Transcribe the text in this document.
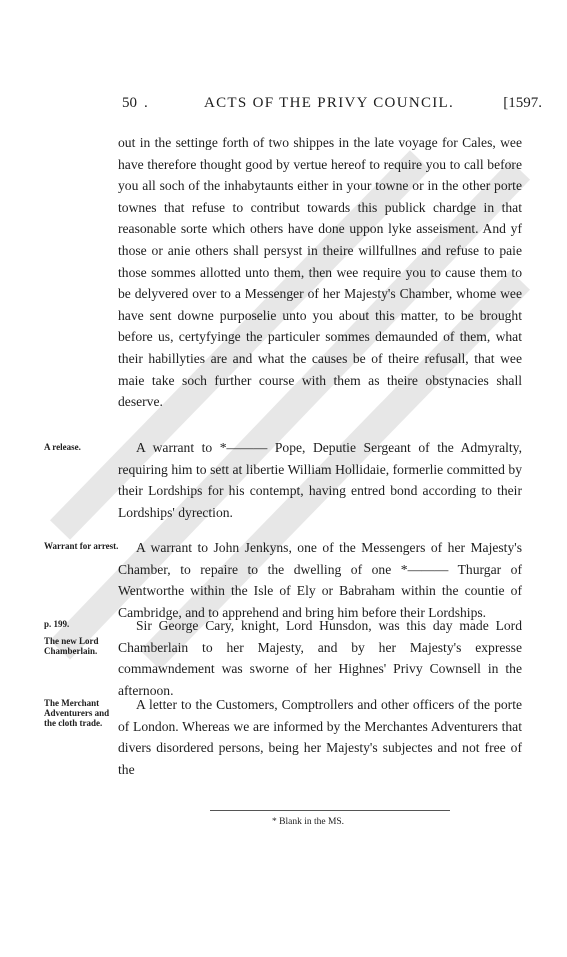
50 .	ACTS OF THE PRIVY COUNCIL.	[1597.
out in the settinge forth of two shippes in the late voyage for Cales, wee have therefore thought good by vertue hereof to require you to call before you all soch of the inhabytaunts either in your towne or in the other porte townes that refuse to contribut towards this publick chardge in that reasonable sorte which others have done uppon lyke asseisment. And yf those or anie others shall persyst in theire willfullnes and refuse to paie those sommes allotted unto them, then wee require you to cause them to be delyvered over to a Messenger of her Majesty's Chamber, whome wee have sent downe purposelie unto you about this matter, to be brought before us, certyfyinge the particuler sommes demaunded of them, what their habillyties are and what the causes be of theire refusall, that wee maie take soch further course with them as theire obstynacies shall deserve.
A release.	A warrant to *——— Pope, Deputie Sergeant of the Admyralty, requiring him to sett at libertie William Hollidaie, formerlie committed by their Lordships for his contempt, having entred bond according to their Lordships' dyrection.
Warrant for arrest.	A warrant to John Jenkyns, one of the Messengers of her Majesty's Chamber, to repaire to the dwelling of one *——— Thurgar of Wentworthe within the Isle of Ely or Babraham within the countie of Cambridge, and to apprehend and bring him before their Lordships.
p. 199.
The new Lord Chamberlain.
Sir George Cary, knight, Lord Hunsdon, was this day made Lord Chamberlain to her Majesty, and by her Majesty's expresse commawndement was sworne of her Highnes' Privy Cownsell in the afternoon.
The Merchant Adventurers and the cloth trade.
A letter to the Customers, Comptrollers and other officers of the porte of London. Whereas we are informed by the Merchantes Adventurers that divers disordered persons, being her Majesty's subjectes and not free of the
* Blank in the MS.
